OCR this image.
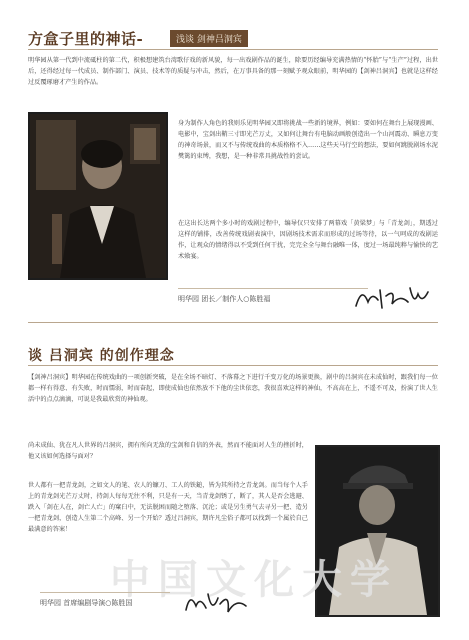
方盒子里的神话-	浅谈 剑神吕洞宾

明华园从第一代到中流砥柱的第二代，积极想建筑台湾歌仔戏的新风貌，每一出戏剧作品的诞生，除要历经编导充满热情的“怀胎”与“生产”过程，出世后，还得经过每一代成员、制作部门、演员、技术等的质疑与冲击，然后，在万事具备的那一刻赋予观众眼前，明华园的【剑神吕洞宾】也就是这样经过反覆琢磨才产生的作品。

身为制作人角色的我则乐见明华园又即将挑战一些新的境界，例如：要如何在舞台上展现漫画、电影中，宝剑出鞘三寸即光芒万丈，又如何让舞台有电脑动画般创造出一个山河震动、瞬息万变的神奇场景，而又不与传统戏曲的本质格格不入……这些天马行空的想法，要如何跳脱剧场水泥樊篱的束缚，我想，是一种非常具挑战性的尝试。

在这出长达两个多小时的戏剧过程中，编导仅只安排了两幕戏「黄粱梦」与「青龙剑」，期透过这样的铺排，改善传统戏剧表演中，因剧场技术需求而形成的过场等待，以一气呵成的戏剧运作，让观众的情绪得以不受到任何干扰，完完全全与舞台融唯一体，度过一场最纯粹与愉快的艺术飨宴。

明华园 团长／制作人○陈胜福
谈 吕洞宾 的创作理念

【剑神吕洞宾】明华园在传统戏曲的一项创新突破，是在全场不暗灯、不落幕之下进行千变万化的场景更换，剧中的吕洞宾在未成仙时，跟我们每一位都一样有得意、有失败，时而懦弱，时而奋起，即使成仙也依然放不下他的尘世依恋，我很喜欢这样的神仙，不高高在上，不遥不可及，扮演了世人生活中的点点滴滴，可说是我最欣赏的神仙观。

尚未成仙、犹在凡人世界的吕洞宾，拥有所向无敌的宝剑和自信的外表，然而不能面对人生的挫折时，他又该如何选择与面对？

世人都有一把青龙剑，之如文人的笔、农人的镰刀、工人的铁鎚，皆为其所持之青龙剑。而当每个人手上的青龙剑光芒万丈时，持剑人每每无往不利，只是有一天，当青龙剑锈了，断了，其人是否会逃避、跌入「剑在人在，剑亡人亡」的窠臼中，无法脱困而随之堕落、沉沦；或是另生勇气去寻另一把、造另一把青龙剑，创造人生第二个高峰、另一个开始？透过吕洞宾，期许凡尘俗子都可以找到一个属於自己最满意的答案！

中国文化大学
明华园 首席编剧导演○陈胜国
